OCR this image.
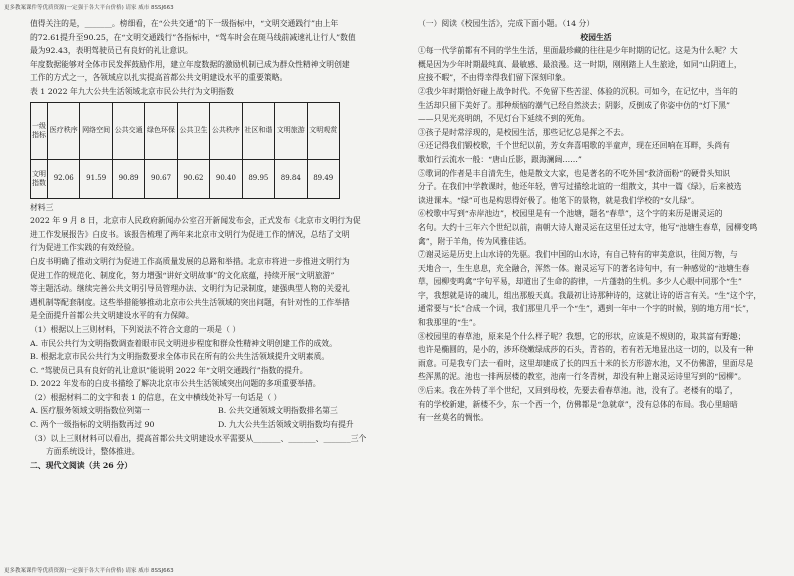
更多教案课件等优质资源(一定强于各大平台价格) 请家 威市 8SSJ663

值得关注的是，_______。榜细看，在“公共交通”的下一级指标中，“文明交通践行”由上年

的72.61提升至90.25，在“文明交通践行”各指标中，“驾车时会在斑马线前减速礼让行人”数值

最为92.43，表明驾驶员已有良好的礼让意识。

年度数据能够对全体市民发挥鼓励作用，建立年度数据的激励机制已成为群众性精神文明创建

工作的方式之一，各领域应以扎实提高首都公共文明建设水平的重要策略。

表 1 2022 年九大公共生活领域北京市民公共行为文明指数

一级指标	医疗秩序	网络空间	公共交通	绿色环保	公共卫生	公共秩序	社区和谐	文明旅游	文明观赏
文明指数	92.06	91.59	90.89	90.67	90.62	90.40	89.95	89.84	89.49

材料三

2022 年 9 月 8 日，北京市人民政府新闻办公室召开新闻发布会，正式发布《北京市文明行为促

进工作发展报告》白皮书。该报告梳理了两年来北京市文明行为促进工作的情况，总结了文明

行为促进工作实践的有效经验。

白皮书明确了推动文明行为促进工作高质量发展的总路和举措。北京市将进一步推进文明行为

促进工作的规范化、制度化，努力增强“讲好文明故事”的文化底蕴，持续开展“文明旅游”

等主题活动。继续完善公共文明引导员管理办法、文明行为记录制度，建强典型人物的关爱礼

遇机制等配套制度。这些举措能够推动北京市公共生活领域的突出问题，有针对性的工作举措

是全面提升首都公共文明建设水平的有力保障。

（1）根据以上三则材料，下列说法不符合文意的一项是（ ）

A. 市民公共行为文明指数调查着眼市民文明进步程度和群众性精神文明创建工作的成效。

B. 根据北京市民公共行为文明指数要求全体市民在所有的公共生活领域提升文明素质。

C. “驾驶员已具有良好的礼让意识”能说明 2022 年“文明交通践行”指数的提升。

D. 2022 年发布的白皮书描绘了解决北京市公共生活领域突出问题的多项重要举措。

（2）根据材料二的文字和表 1 的信息，在文中横线处补写一句话是（ ）

A. 医疗服务领域文明指数位列第一	B. 公共交通领域文明指数排名第三

C. 两个一级指标的文明指数再过 90	D. 九大公共生活领域文明指数均有提升

（3）以上三则材料可以看出，提高首都公共文明建设水平需要从_______、_______、_______三个

方面系统设计，整体推进。

二、现代文阅读（共 26 分）

（一）阅读《校园生活》，完成下面小题。（14 分）

校园生活

①每一代学前都有不同的学生生活，里面最珍藏的往往是少年时期的记忆。这是为什么呢？大

概是因为少年时期最纯真、最敏感、最浪漫。这一时期，刚刚踏上人生旅途，如同“山阴道上，

应接不暇”，不由得幸得我们留下深刻印象。

②我少年时期恰好碰上战争时代。不免留下些苦涩、体验的沉积。可如今，在记忆中，当年的

生活却只留下美好了。那种烦恼的潮气已经自然淡去；阴影，反倒成了你姿中仿的“灯下黑”

——只见光亮明朗，不见灯台下延续不到的死角。

③孩子是时常浮现的，是校园生活，那些记忆总是挥之不去。

④还记得我们锻校歌，千个世纪以前，芳女奔喜唱歌的半童声，现在还回响在耳畔，头尚有

歌如行云流水一般：“唐山丘影，跟海澜阔……”

⑤歌词的作者是丰自清先生，他是散文大家，也是著名的不吃外国“救济面粉”的硬骨头知识

分子。在我们中学教课时，他还年轻，曾写过描绘北谊的一组散文，其中一篇《绿》，后来被选

读进课本。“绿”可也是构思得好极了。他笔下的景物，就是我们学校的“女儿绿”。

⑥校歌中写到“赤岸池边”，校园里是有一个池塘，题名“春草”，这个字的来历是谢灵运的

名句。大约十三年六个世纪以前，南朝大诗人谢灵运在这里任过太守，他写“池塘生春草，园柳变鸣

禽”，附于羊角，传为风雅佳话。

⑦谢灵运是历史上山水诗的先驱。我们中国的山水诗，有自己特有的审美意识，往阅万物，与

天地合一，生生息息，充全融合，浑然一体。谢灵运写下的著名诗句中，有一种感觉的“池塘生春

草，园柳变鸣禽”字句平易，却道出了生命的韵律，一片蓬勃的生机。多少人心眼中同那个“生”

字，我想就是诗的魂儿，组出那般天真。我最初让诗那种诗的，这就让诗的语言有关。“生”这个字，

通常要与“长”合成一个词，我们那里几乎一个“生”，遇到一年中一个字的时候，别的地方用“长”，

和我那里的“生”。

⑧校园里的春草池，原来是个什么样子呢？我想，它的形状，应该是不规则的，取其富有野趣；

也许是椭圆的，是小的，涉环绕嫩绿成莎的石头，青苔的，若有若无地显出这一切的，以及有一种

雨意。可是我专门去一看时，这里却建成了长的四五十米的长方形游水池，又不仿佛游，里面尽是

些浑黑的泥。池也一排两层楼的教室，池南一行冬青树，却没有种上谢灵运诗里写到的“园柳”。

⑨后来。我在外转了半个世纪，又回到母校，先要去看春草池。池，没有了。老楼有的塌了，

有的学校新建，新楼不少，东一个西一个，仿佛都是“急就章”，没有总体的布局。我心里暗暗

有一丝莫名的惆怅。

更多教案课件等优质资源(一定强于各大平台价格) 请家 威市 8SSJ663
